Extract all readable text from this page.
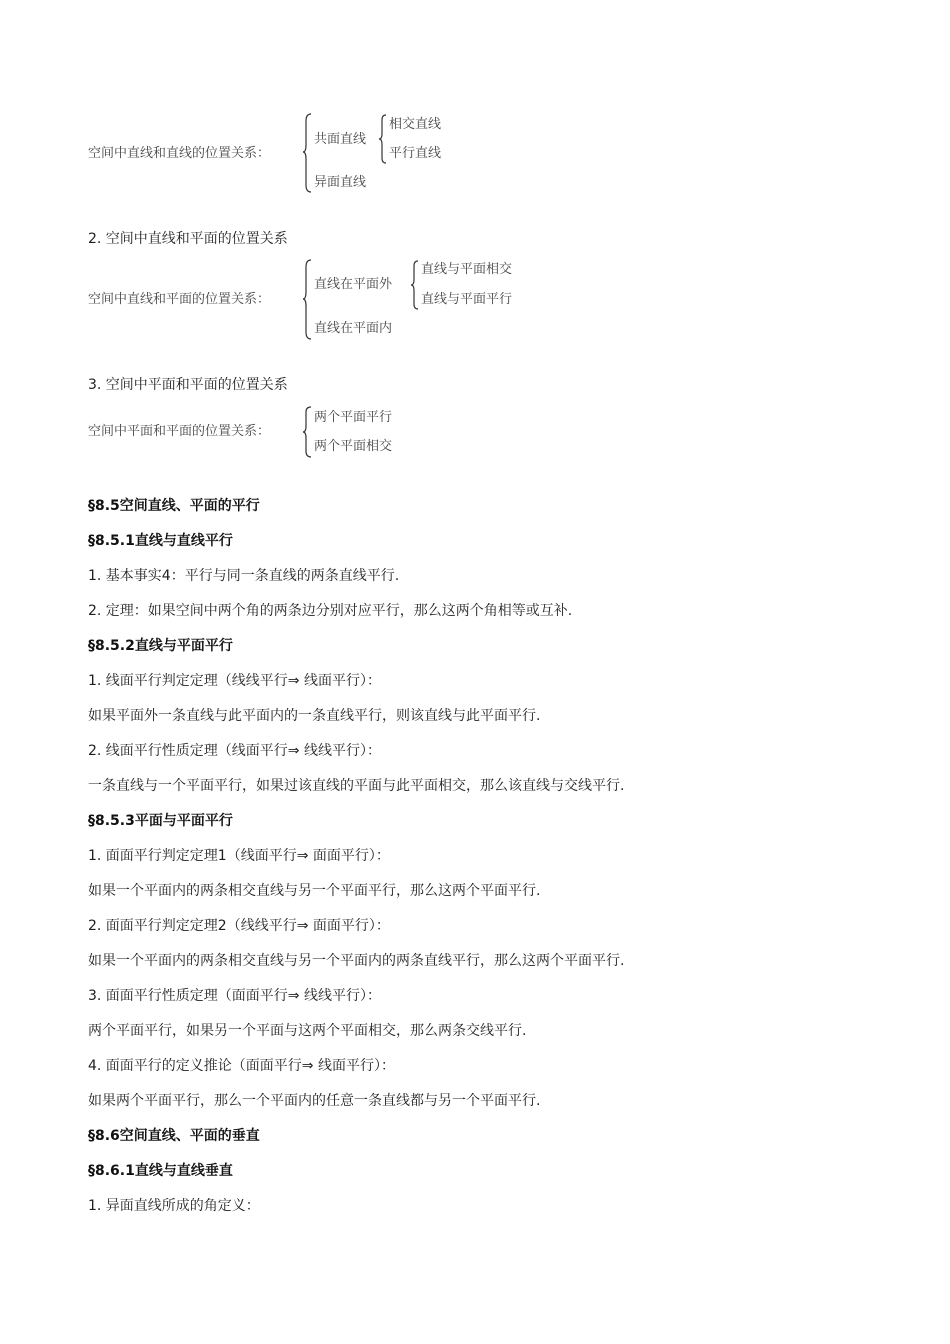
空间中直线和直线的位置关系：
共面直线
相交直线
平行直线
异面直线
2. 空间中直线和平面的位置关系
空间中直线和平面的位置关系：
直线在平面外
直线与平面相交
直线与平面平行
直线在平面内
3. 空间中平面和平面的位置关系
空间中平面和平面的位置关系：
两个平面平行
两个平面相交
§8.5空间直线、平面的平行
§8.5.1直线与直线平行
1. 基本事实4：平行与同一条直线的两条直线平行.
2. 定理：如果空间中两个角的两条边分别对应平行，那么这两个角相等或互补.
§8.5.2直线与平面平行
1. 线面平行判定定理（线线平行⇒ 线面平行）：
如果平面外一条直线与此平面内的一条直线平行，则该直线与此平面平行.
2. 线面平行性质定理（线面平行⇒ 线线平行）：
一条直线与一个平面平行，如果过该直线的平面与此平面相交，那么该直线与交线平行.
§8.5.3平面与平面平行
1. 面面平行判定定理1（线面平行⇒ 面面平行）：
如果一个平面内的两条相交直线与另一个平面平行，那么这两个平面平行.
2. 面面平行判定定理2（线线平行⇒ 面面平行）：
如果一个平面内的两条相交直线与另一个平面内的两条直线平行，那么这两个平面平行.
3. 面面平行性质定理（面面平行⇒ 线线平行）：
两个平面平行，如果另一个平面与这两个平面相交，那么两条交线平行.
4. 面面平行的定义推论（面面平行⇒ 线面平行）：
如果两个平面平行，那么一个平面内的任意一条直线都与另一个平面平行.
§8.6空间直线、平面的垂直
§8.6.1直线与直线垂直
1. 异面直线所成的角定义：
